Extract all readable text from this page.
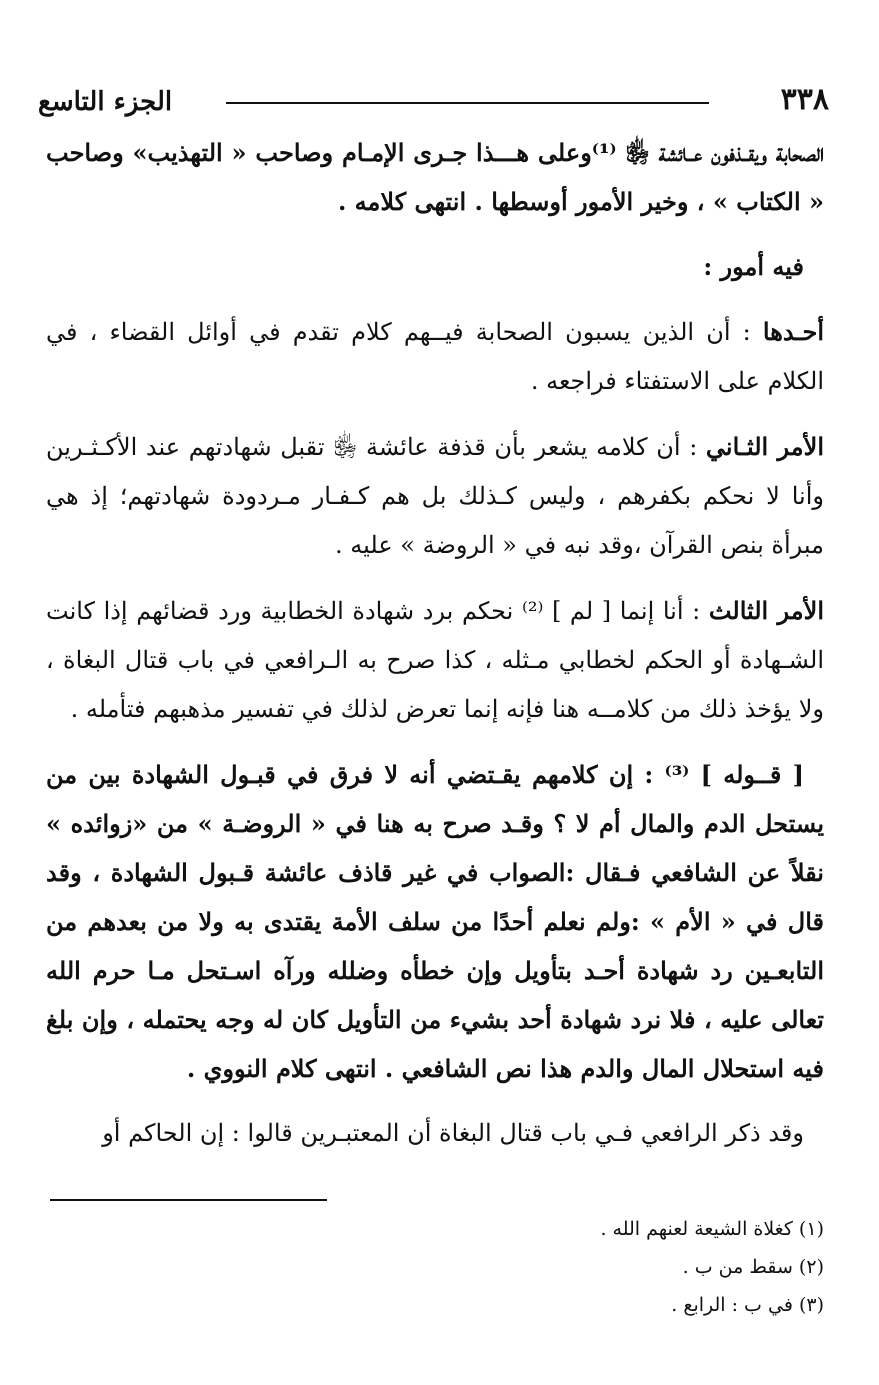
٣٣٨
الجزء التاسع

الصحابة ويقــذفون عــائشة ﵂ ⁽¹⁾وعلى هـــذا جـرى الإمـام وصاحب « التهذيب» وصاحب « الكتاب » ، وخير الأمور أوسطها . انتهى كلامه .

فيه أمور :

أحـدها : أن الذين يسبون الصحابة فيــهم كلام تقدم في أوائل القضاء ، في الكلام على الاستفتاء فراجعه .

الأمر الثـاني : أن كلامه يشعر بأن قذفة عائشة ﵂ تقبل شهادتهم عند الأكـثـرين وأنا لا نحكم بكفرهم ، وليس كـذلك بل هم كـفـار مـردودة شهادتهم؛ إذ هي مبرأة بنص القرآن ،وقد نبه في « الروضة » عليه .

الأمر الثالث : أنا إنما [ لم ] ⁽²⁾ نحكم برد شهادة الخطابية ورد قضائهم إذا كانت الشـهادة أو الحكم لخطابي مـثله ، كذا صرح به الـرافعي في باب قتال البغاة ، ولا يؤخذ ذلك من كلامــه هنا فإنه إنما تعرض لذلك في تفسير مذهبهم فتأمله .

[ قــوله ] ⁽³⁾ : إن كلامهم يقـتضي أنه لا فرق في قبـول الشهادة بين من يستحل الدم والمال أم لا ؟ وقـد صرح به هنا في « الروضـة » من «زوائده » نقلاً عن الشافعي فـقال :الصواب في غير قاذف عائشة قـبول الشهادة ، وقد قال في « الأم » :ولم نعلم أحدًا من سلف الأمة يقتدى به ولا من بعدهم من التابعـين رد شهادة أحـد بتأويل وإن خطأه وضلله ورآه اسـتحل مـا حرم الله تعالى عليه ، فلا نرد شهادة أحد بشيء من التأويل كان له وجه يحتمله ، وإن بلغ فيه استحلال المال والدم هذا نص الشافعي . انتهى كلام النووي .

وقد ذكر الرافعي فـي باب قتال البغاة أن المعتبـرين قالوا : إن الحاكم أو

(١) كغلاة الشيعة لعنهم الله .

(٢) سقط من ب .

(٣) في ب : الرابع .
